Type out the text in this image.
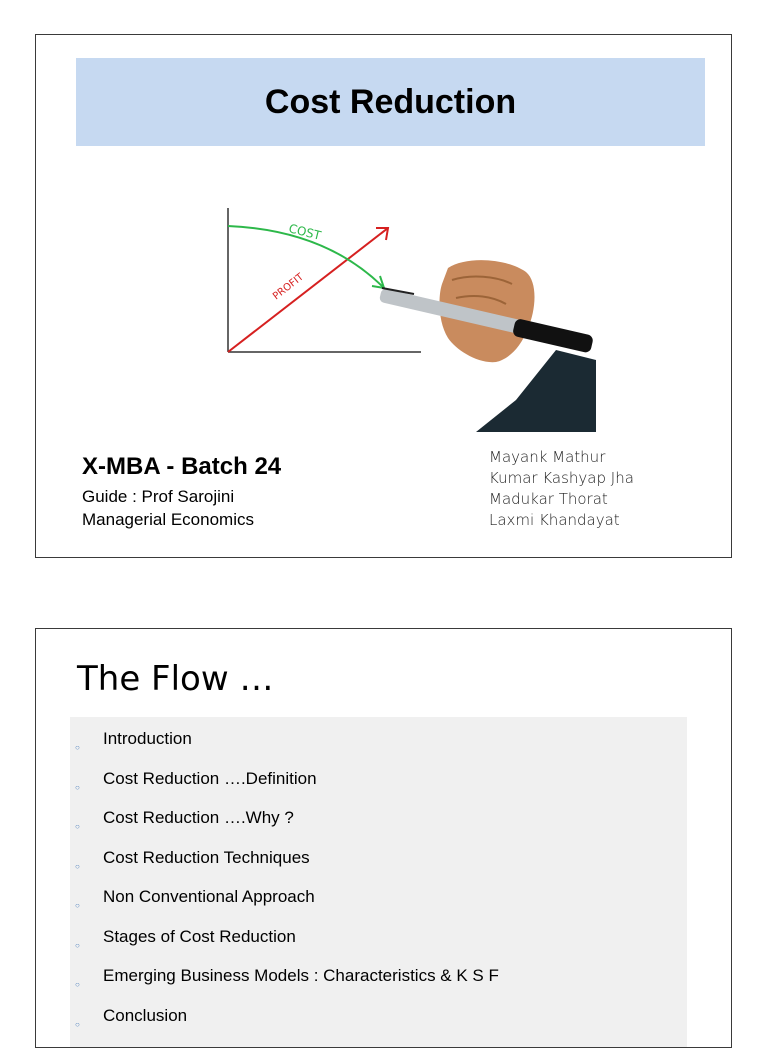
Cost Reduction
COST
PROFIT
X-MBA - Batch 24
Guide : Prof Sarojini
Managerial Economics
Mayank Mathur
Kumar Kashyap Jha
Madukar Thorat
Laxmi Khandayat
The Flow …
○ Introduction
○ Cost Reduction ….Definition
○ Cost Reduction ….Why ?
○ Cost Reduction Techniques
○ Non Conventional Approach
○ Stages of Cost Reduction
○ Emerging Business Models : Characteristics & K S F
○ Conclusion
